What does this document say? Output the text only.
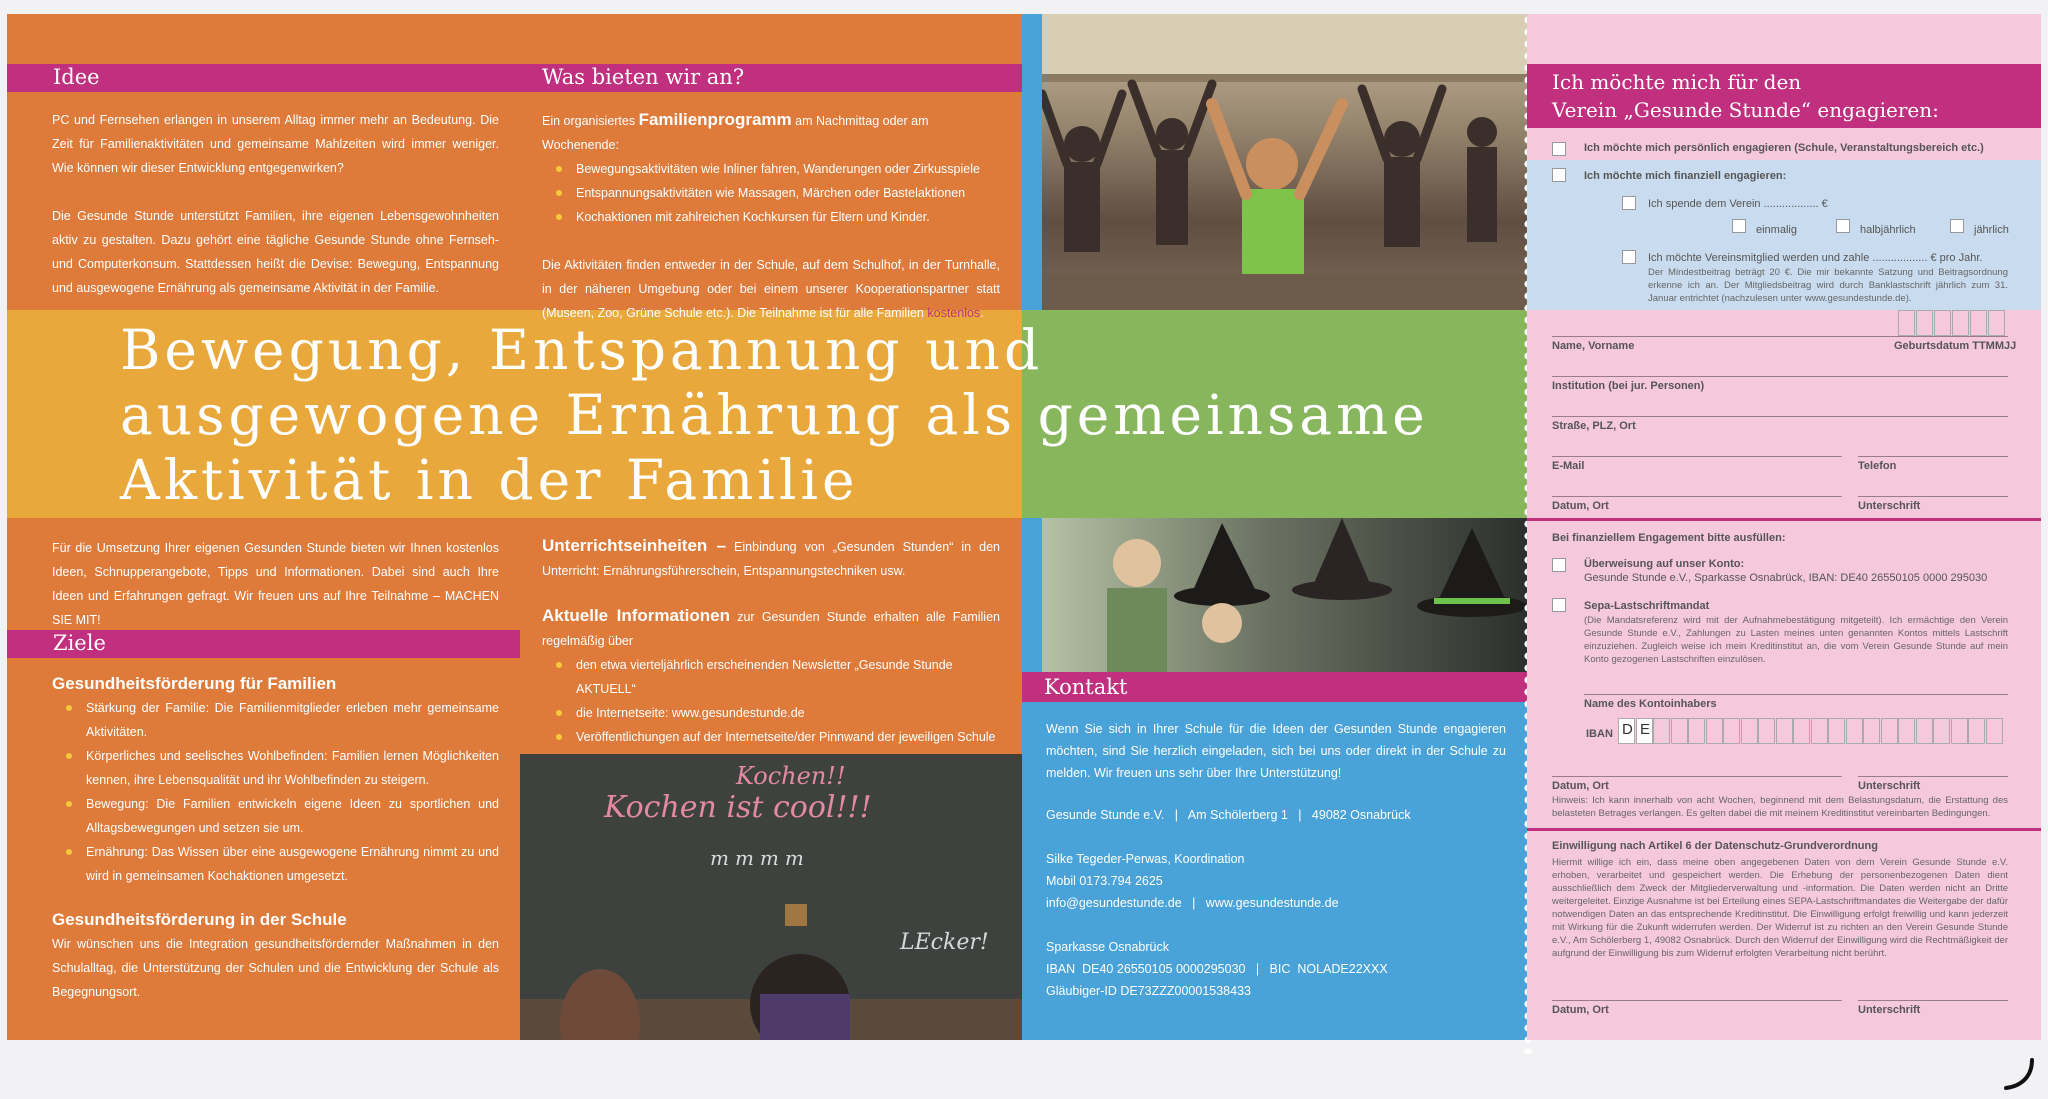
Bewegung, Entspannung und
ausgewogene Ernährung als gemeinsame
Aktivität in der Familie
Idee

PC und Fernsehen erlangen in unserem Alltag immer mehr an Bedeutung. Die Zeit für Familienaktivitäten und gemeinsame Mahlzeiten wird immer weniger. Wie können wir dieser Entwicklung entgegenwirken?

Die Gesunde Stunde unterstützt Familien, ihre eigenen Lebensgewohnheiten aktiv zu gestalten. Dazu gehört eine tägliche Gesunde Stunde ohne Fernseh- und Computerkonsum. Stattdessen heißt die Devise: Bewegung, Entspannung und ausgewogene Ernährung als gemeinsame Aktivität in der Familie.

Was bieten wir an?
Ein organisiertes Familienprogramm am Nachmittag oder am Wochenende:
Bewegungsaktivitäten wie Inliner fahren, Wanderungen oder Zirkusspiele
Entspannungsaktivitäten wie Massagen, Märchen oder Bastelaktionen
Kochaktionen mit zahlreichen Kochkursen für Eltern und Kinder.
Die Aktivitäten finden entweder in der Schule, auf dem Schulhof, in der Turnhalle, in der näheren Umgebung oder bei einem unserer Kooperationspartner statt (Museen, Zoo, Grüne Schule etc.). Die Teilnahme ist für alle Familien kostenlos.

Für die Umsetzung Ihrer eigenen Gesunden Stunde bieten wir Ihnen kostenlos Ideen, Schnupperangebote, Tipps und Informationen. Dabei sind auch Ihre Ideen und Erfahrungen gefragt. Wir freuen uns auf Ihre Teilnahme – MACHEN SIE MIT!

Ziele
Gesundheitsförderung für Familien
Stärkung der Familie: Die Familienmitglieder erleben mehr gemeinsame Aktivitäten.
Körperliches und seelisches Wohlbefinden: Familien lernen Möglichkeiten kennen, ihre Lebensqualität und ihr Wohlbefinden zu steigern.
Bewegung: Die Familien entwickeln eigene Ideen zu sportlichen und Alltagsbewegungen und setzen sie um.
Ernährung: Das Wissen über eine ausgewogene Ernährung nimmt zu und wird in gemeinsamen Kochaktionen umgesetzt.
Gesundheitsförderung in der Schule
Wir wünschen uns die Integration gesundheitsfördernder Maßnahmen in den Schulalltag, die Unterstützung der Schulen und die Entwicklung der Schule als Begegnungsort.
Unterrichtseinheiten – Einbindung von „Gesunden Stunden“ in den Unterricht: Ernährungsführerschein, Entspannungstechniken usw.
Aktuelle Informationen zur Gesunden Stunde erhalten alle Familien regelmäßig über
den etwa vierteljährlich erscheinenden Newsletter „Gesunde Stunde AKTUELL“
die Internetseite: www.gesundestunde.de
Veröffentlichungen auf der Internetseite/der Pinnwand der jeweiligen Schule
Kochen!!
Kochen ist cool!!!
mmmm
LEcker!
Kontakt
Wenn Sie sich in Ihrer Schule für die Ideen der Gesunden Stunde engagieren möchten, sind Sie herzlich eingeladen, sich bei uns oder direkt in der Schule zu melden. Wir freuen uns sehr über Ihre Unterstützung!
Gesunde Stunde e.V.   |   Am Schölerberg 1   |   49082 Osnabrück
Silke Tegeder-Perwas, Koordination
Mobil 0173.794 2625
info@gesundestunde.de   |   www.gesundestunde.de
Sparkasse Osnabrück
IBAN  DE40 26550105 0000295030   |   BIC  NOLADE22XXX
Gläubiger-ID DE73ZZZ00001538433
Ich möchte mich für den
Verein „Gesunde Stunde“ engagieren:
Ich möchte mich persönlich engagieren (Schule, Veranstaltungsbereich etc.)
Ich möchte mich finanziell engagieren:
Ich spende dem Verein .................. €
einmalig	halbjährlich	jährlich
Ich möchte Vereinsmitglied werden und zahle .................. € pro Jahr.
Der Mindestbeitrag beträgt 20 €. Die mir bekannte Satzung und Beitragsordnung erkenne ich an. Der Mitgliedsbeitrag wird durch Banklastschrift jährlich zum 31. Januar entrichtet (nachzulesen unter www.gesundestunde.de).
Name, Vorname	Geburtsdatum TTMMJJ
Institution (bei jur. Personen)
Straße, PLZ, Ort
E-Mail	Telefon
Datum, Ort	Unterschrift
Bei finanziellem Engagement bitte ausfüllen:
Überweisung auf unser Konto:
Gesunde Stunde e.V., Sparkasse Osnabrück, IBAN: DE40 26550105 0000 295030
Sepa-Lastschriftmandat
(Die Mandatsreferenz wird mit der Aufnahmebestätigung mitgeteilt). Ich ermächtige den Verein Gesunde Stunde e.V., Zahlungen zu Lasten meines unten genannten Kontos mittels Lastschrift einzuziehen. Zugleich weise ich mein Kreditinstitut an, die vom Verein Gesunde Stunde auf mein Konto gezogenen Lastschriften einzulösen.
Name des Kontoinhabers
IBAN D E
Datum, Ort	Unterschrift
Hinweis: Ich kann innerhalb von acht Wochen, beginnend mit dem Belastungsdatum, die Erstattung des belasteten Betrages verlangen. Es gelten dabei die mit meinem Kreditinstitut vereinbarten Bedingungen.
Einwilligung nach Artikel 6 der Datenschutz-Grundverordnung
Hiermit willige ich ein, dass meine oben angegebenen Daten von dem Verein Gesunde Stunde e.V. erhoben, verarbeitet und gespeichert werden. Die Erhebung der personenbezogenen Daten dient ausschließlich dem Zweck der Mitgliederverwaltung und -information. Die Daten werden nicht an Dritte weitergeleitet. Einzige Ausnahme ist bei Erteilung eines SEPA-Lastschriftmandates die Weitergabe der dafür notwendigen Daten an das entsprechende Kreditinstitut. Die Einwilligung erfolgt freiwillig und kann jederzeit mit Wirkung für die Zukunft widerrufen werden. Der Widerruf ist zu richten an den Verein Gesunde Stunde e.V., Am Schölerberg 1, 49082 Osnabrück. Durch den Widerruf der Einwilligung wird die Rechtmäßigkeit der aufgrund der Einwilligung bis zum Widerruf erfolgten Verarbeitung nicht berührt.
Datum, Ort	Unterschrift
